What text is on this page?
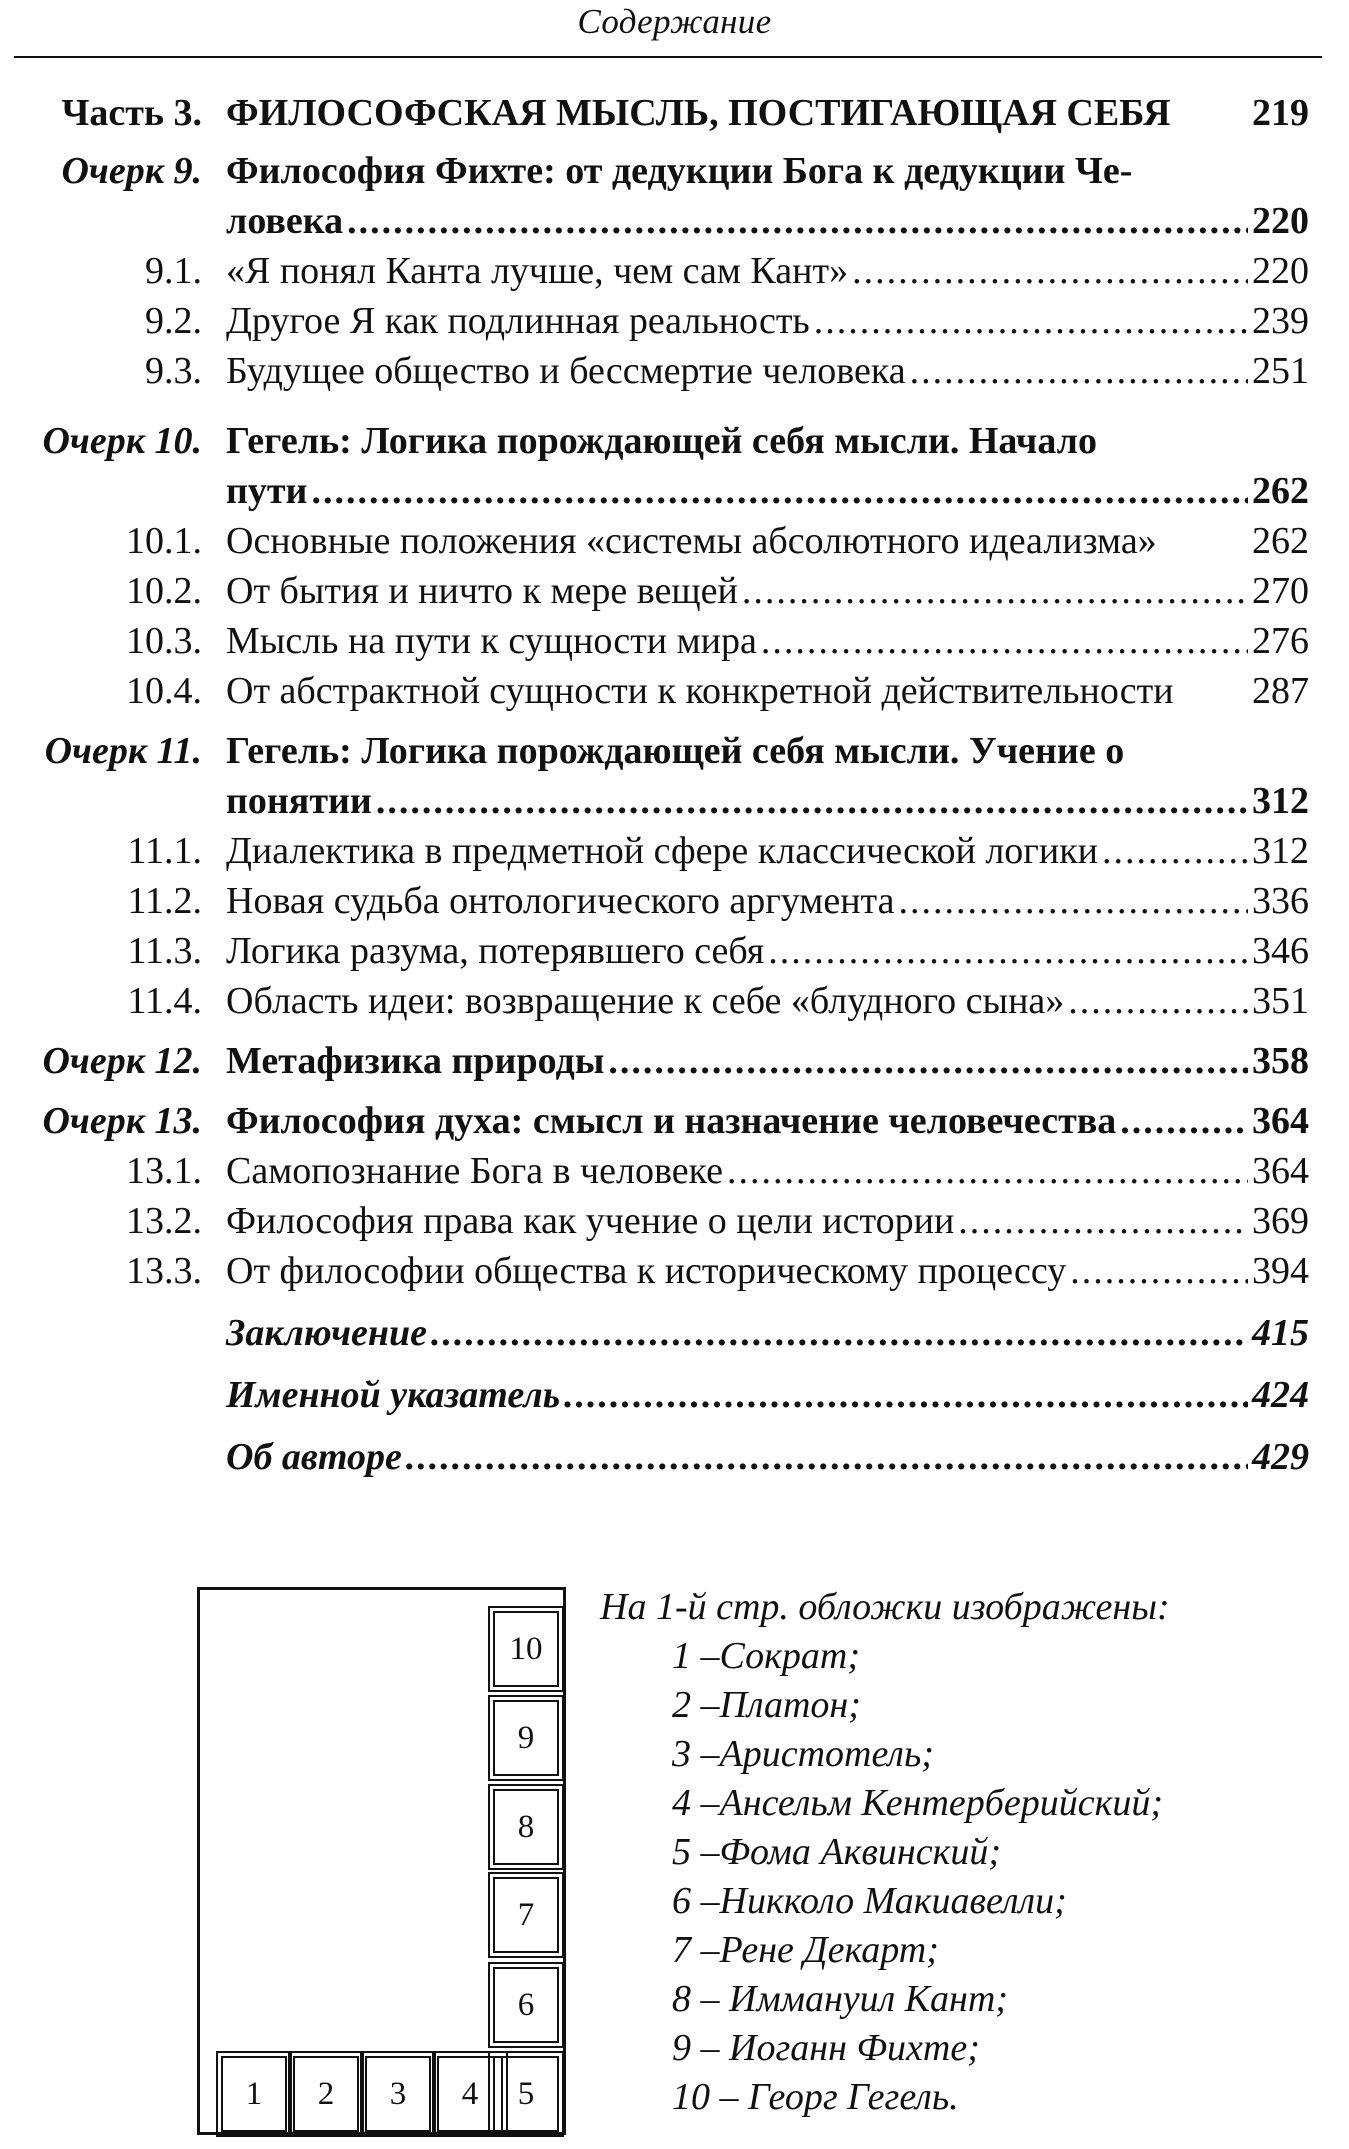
Содержание
Часть 3. ФИЛОСОФСКАЯ МЫСЛЬ, ПОСТИГАЮЩАЯ СЕБЯ 219
Очерк 9. Философия Фихте: от дедукции Бога к дедукции Че-
ловека .....	220
9.1. «Я понял Канта лучше, чем сам Кант» .....	220
9.2. Другое Я как подлинная реальность .....	239
9.3. Будущее общество и бессмертие человека .....	251
Очерк 10. Гегель: Логика порождающей себя мысли. Начало
пути .....	262
10.1. Основные положения «системы абсолютного идеализма»	262
10.2. От бытия и ничто к мере вещей .....	270
10.3. Мысль на пути к сущности мира .....	276
10.4. От абстрактной сущности к конкретной действительности 287
Очерк 11. Гегель: Логика порождающей себя мысли. Учение о
понятии .....	312
11.1. Диалектика в предметной сфере классической логики .....	312
11.2. Новая судьба онтологического аргумента .....	336
11.3. Логика разума, потерявшего себя .....	346
11.4. Область идеи: возвращение к себе «блудного сына» .....	351
Очерк 12. Метафизика природы .....	358
Очерк 13. Философия духа: смысл и назначение человечества .....	364
13.1. Самопознание Бога в человеке .....	364
13.2. Философия права как учение о цели истории .....	369
13.3. От философии общества к историческому процессу .....	394
Заключение .....	415
Именной указатель .....	424
Об авторе .....	429
1	2	3	4	5
6
7
8
9
10
На 1-й стр. обложки изображены:
1 –Сократ;
2 –Платон;
3 –Аристотель;
4 –Ансельм Кентерберийский;
5 –Фома Аквинский;
6 –Никколо Макиавелли;
7 –Рене Декарт;
8 – Иммануил Кант;
9 – Иоганн Фихте;
10 – Георг Гегель.
